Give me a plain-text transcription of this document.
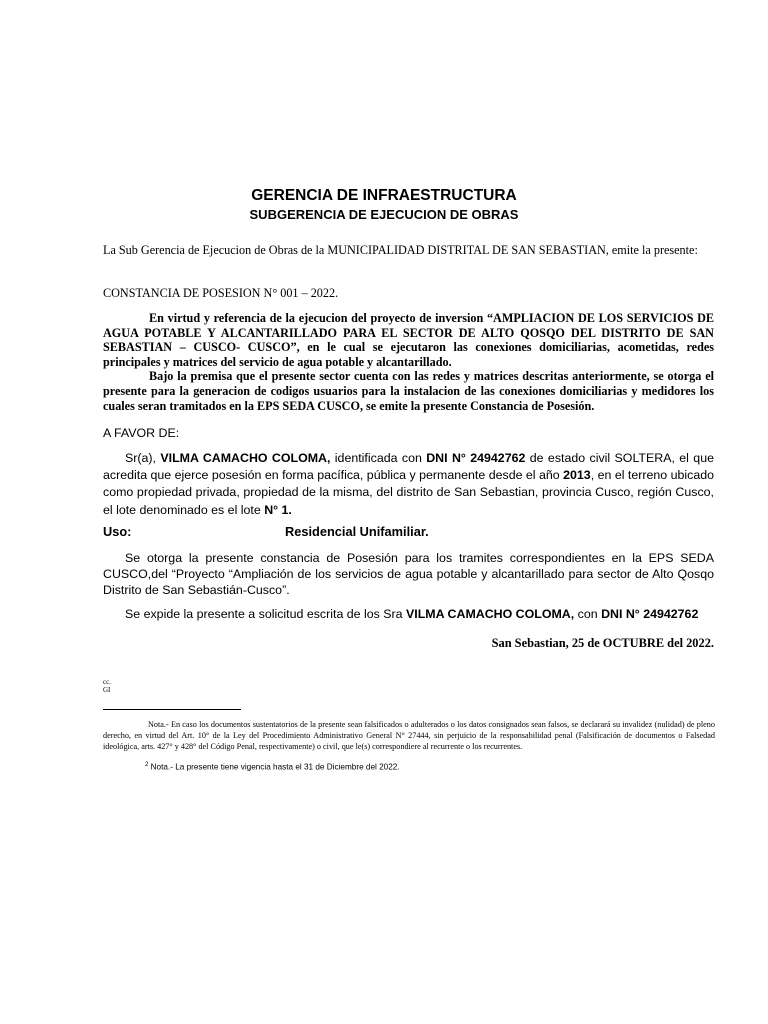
GERENCIA DE INFRAESTRUCTURA
SUBGERENCIA DE EJECUCION DE OBRAS
La Sub Gerencia de Ejecucion de Obras de la MUNICIPALIDAD DISTRITAL DE SAN SEBASTIAN, emite la presente:
CONSTANCIA DE POSESION N° 001 – 2022.
En virtud y referencia de la ejecucion del proyecto de inversion “AMPLIACION DE LOS SERVICIOS DE AGUA POTABLE Y ALCANTARILLADO PARA EL SECTOR DE ALTO QOSQO DEL DISTRITO DE SAN SEBASTIAN – CUSCO- CUSCO”, en le cual se ejecutaron las conexiones domiciliarias, acometidas, redes principales y matrices del servicio de agua potable y alcantarillado.
Bajo la premisa que el presente sector cuenta con las redes y matrices descritas anteriormente, se otorga el presente para la generacion de codigos usuarios para la instalacion de las conexiones domiciliarias y medidores los cuales seran tramitados en la EPS SEDA CUSCO, se emite la presente Constancia de Posesión.
A FAVOR DE:
Sr(a), VILMA CAMACHO COLOMA, identificada con DNI N° 24942762 de estado civil SOLTERA, el que acredita que ejerce posesión en forma pacífica, pública y permanente desde el año 2013, en el terreno ubicado como propiedad privada, propiedad de la misma, del distrito de San Sebastian, provincia Cusco, región Cusco, el lote denominado es el lote N° 1.
Uso:	Residencial Unifamiliar.
Se otorga la presente constancia de Posesión para los tramites correspondientes en la EPS SEDA CUSCO,del “Proyecto “Ampliación de los servicios de agua potable y alcantarillado para sector de Alto Qosqo Distrito de San Sebastián-Cusco”.
Se expide la presente a solicitud escrita de los Sra VILMA CAMACHO COLOMA, con DNI N° 24942762
San Sebastian, 25 de OCTUBRE del 2022.
cc.
GI
Nota.- En caso los documentos sustentatorios de la presente sean falsificados o adulterados o los datos consignados sean falsos, se declarará su invalidez (nulidad) de pleno derecho, en virtud del Art. 10° de la Ley del Procedimiento Administrativo General N° 27444, sin perjuicio de la responsabilidad penal (Falsificación de documentos o Falsedad ideológica, arts. 427° y 428° del Código Penal, respectivamente) o civil, que le(s) correspondiere al recurrente o los recurrentes.
$^2$ Nota.- La presente tiene vigencia hasta el 31 de Diciembre del 2022.
